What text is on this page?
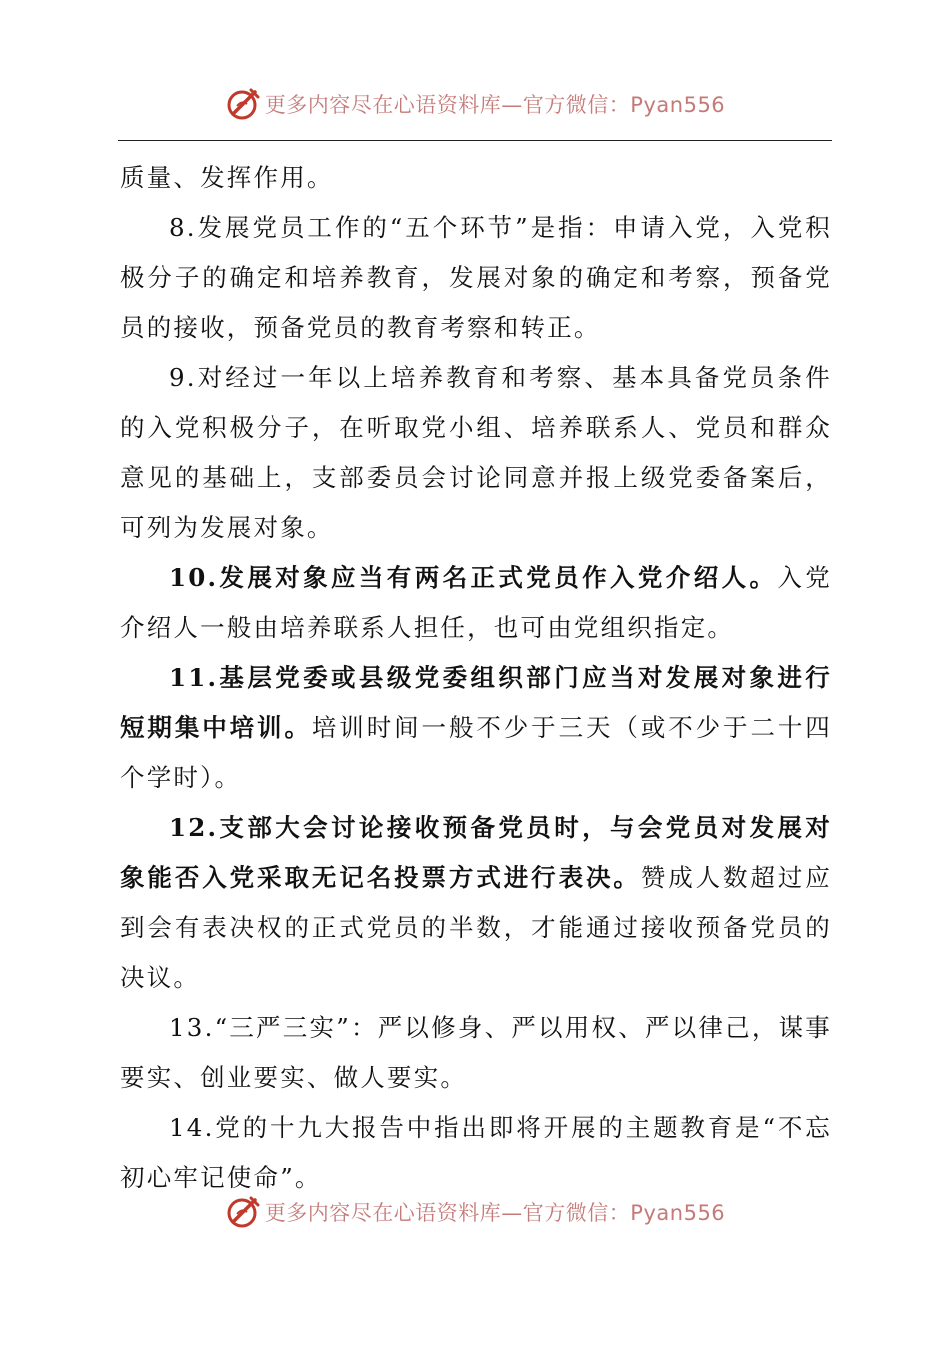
更多内容尽在心语资料库—官方微信：Pyan556

质量、发挥作用。

8.发展党员工作的“五个环节”是指：申请入党，入党积极分子的确定和培养教育，发展对象的确定和考察，预备党员的接收，预备党员的教育考察和转正。

9.对经过一年以上培养教育和考察、基本具备党员条件的入党积极分子，在听取党小组、培养联系人、党员和群众意见的基础上，支部委员会讨论同意并报上级党委备案后，可列为发展对象。

10.发展对象应当有两名正式党员作入党介绍人。入党介绍人一般由培养联系人担任，也可由党组织指定。

11.基层党委或县级党委组织部门应当对发展对象进行短期集中培训。培训时间一般不少于三天（或不少于二十四个学时）。

12.支部大会讨论接收预备党员时，与会党员对发展对象能否入党采取无记名投票方式进行表决。赞成人数超过应到会有表决权的正式党员的半数，才能通过接收预备党员的决议。

13.“三严三实”：严以修身、严以用权、严以律己，谋事要实、创业要实、做人要实。

14.党的十九大报告中指出即将开展的主题教育是“不忘初心牢记使命”。

更多内容尽在心语资料库—官方微信：Pyan556
